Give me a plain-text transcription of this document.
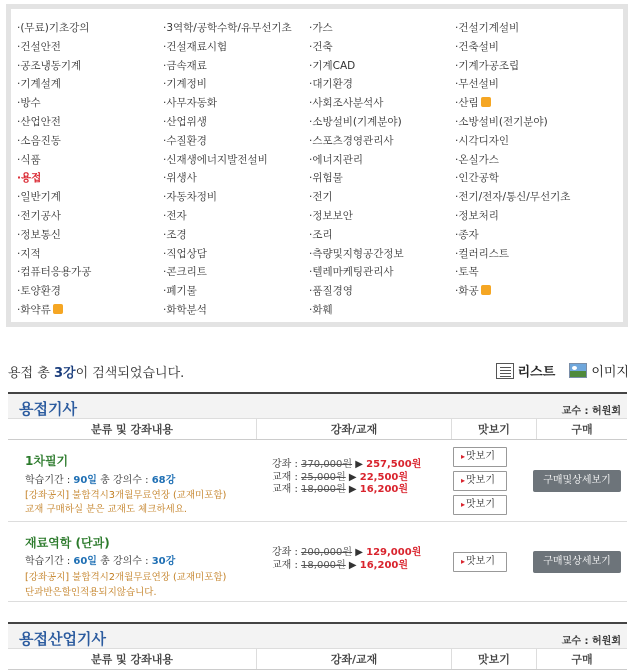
·(무료)기초강의	·3역학/공학수학/유무선기초	·가스	·건설기계설비
·건설안전	·건설재료시험	·건축	·건축설비
·공조냉동기계	·금속재료	·기계CAD	·기계가공조립
·기계설계	·기계정비	·대기환경	·무선설비
·방수	·사무자동화	·사회조사분석사	·산림
·산업안전	·산업위생	·소방설비(기계분야)	·소방설비(전기분야)
·소음진동	·수질환경	·스포츠경영관리사	·시각디자인
·식품	·신재생에너지발전설비	·에너지관리	·온실가스
·용접	·위생사	·위험물	·인간공학
·일반기계	·자동차정비	·전기	·전기/전자/통신/무선기초
·전기공사	·전자	·정보보안	·정보처리
·정보통신	·조경	·조리	·종자
·지적	·직업상담	·측량및지형공간정보	·컬러리스트
·컴퓨터응용가공	·콘크리트	·텔레마케팅관리사	·토목
·토양환경	·폐기물	·품질경영	·화공
·화약류	·화학분석	·화훼
용접 총 3강이 검색되었습니다.	리스트	이미지
용접기사	교수 : 허원회
분류 및 강좌내용	강좌/교재	맛보기	구매
1차필기
학습기간 : 90일 총 강의수 : 68강
[강좌공지] 불합격시3개월무료연장 (교재미포함)
교재 구매하실 분은 교재도 체크하세요.
강좌 : 370,000원 ▶ 257,500원
교재 : 25,000원 ▶ 22,500원
교재 : 18,000원 ▶ 16,200원
▸ 맛보기
▸ 맛보기
▸ 맛보기
구매및상세보기
재료역학 (단과)
학습기간 : 60일 총 강의수 : 30강
[강좌공지] 불합격시2개월무료연장 (교재미포함)
단과반은할인적용되지않습니다.
강좌 : 200,000원 ▶ 129,000원
교재 : 18,000원 ▶ 16,200원
▸	맛보기	구매및상세보기
용접산업기사	교수 : 허원회
분류 및 강좌내용	강좌/교재	맛보기	구매
